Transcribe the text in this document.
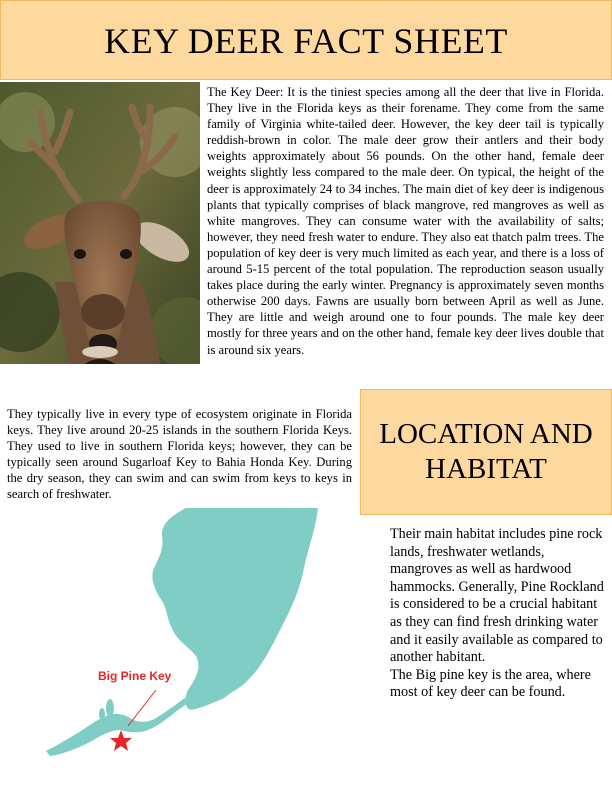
KEY DEER FACT SHEET

The Key Deer: It is the tiniest species among all the deer that live in Florida. They live in the Florida keys as their forename. They come from the same family of Virginia white-tailed deer. However, the key deer tail is typically reddish-brown in color. The male deer grow their antlers and their body weights approximately about 56 pounds. On the other hand, female deer weights slightly less compared to the male deer. On typical, the height of the deer is approximately 24 to 34 inches. The main diet of key deer is indigenous plants that typically comprises of black mangrove, red mangroves as well as white mangroves. They can consume water with the availability of salts; however, they need fresh water to endure. They also eat thatch palm trees. The population of key deer is very much limited as each year, and there is a loss of around 5-15 percent of the total population. The reproduction season usually takes place during the early winter. Pregnancy is approximately seven months otherwise 200 days. Fawns are usually born between April as well as June. They are little and weigh around one to four pounds. The male key deer mostly for three years and on the other hand, female key deer lives double that is around six years.

They typically live in every type of ecosystem originate in Florida keys. They live around 20-25 islands in the southern Florida Keys. They used to live in southern Florida keys; however, they can be typically seen around Sugarloaf Key to Bahia Honda Key. During the dry season, they can swim and can swim from keys to keys in search of freshwater.

LOCATION AND HABITAT
Big Pine Key

Their main habitat includes pine rock lands, freshwater wetlands, mangroves as well as hardwood hammocks. Generally, Pine Rockland is considered to be a crucial habitant as they can find fresh drinking water and it easily available as compared to another habitant.

The Big pine key is the area, where most of key deer can be found.
